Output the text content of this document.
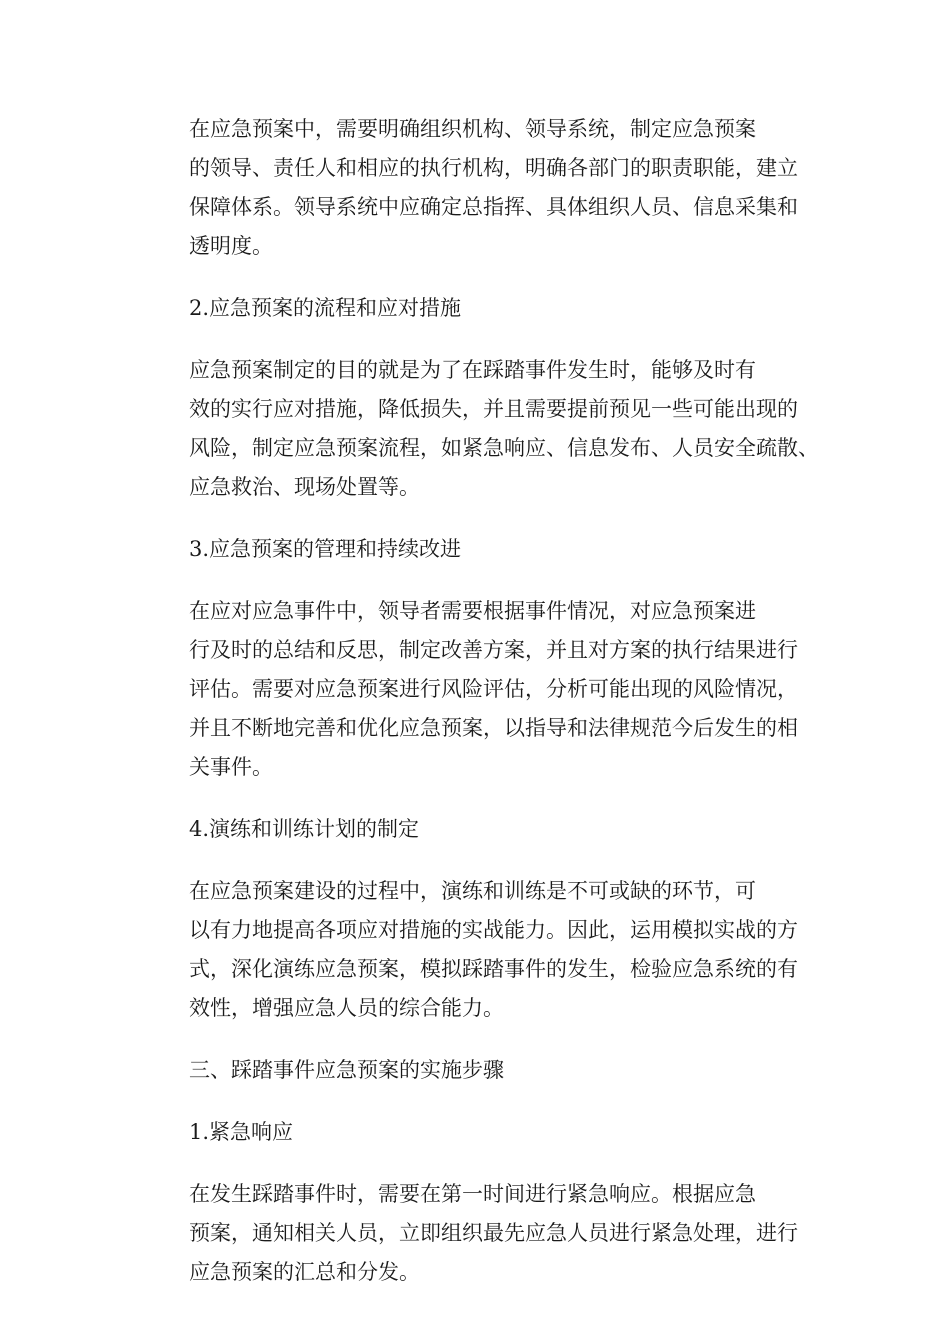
在应急预案中，需要明确组织机构、领导系统，制定应急预案
的领导、责任人和相应的执行机构，明确各部门的职责职能，建立
保障体系。领导系统中应确定总指挥、具体组织人员、信息采集和
透明度。

2.应急预案的流程和应对措施

应急预案制定的目的就是为了在踩踏事件发生时，能够及时有
效的实行应对措施，降低损失，并且需要提前预见一些可能出现的
风险，制定应急预案流程，如紧急响应、信息发布、人员安全疏散、
应急救治、现场处置等。

3.应急预案的管理和持续改进

在应对应急事件中，领导者需要根据事件情况，对应急预案进
行及时的总结和反思，制定改善方案，并且对方案的执行结果进行
评估。需要对应急预案进行风险评估，分析可能出现的风险情况，
并且不断地完善和优化应急预案，以指导和法律规范今后发生的相
关事件。

4.演练和训练计划的制定

在应急预案建设的过程中，演练和训练是不可或缺的环节，可
以有力地提高各项应对措施的实战能力。因此，运用模拟实战的方
式，深化演练应急预案，模拟踩踏事件的发生，检验应急系统的有
效性，增强应急人员的综合能力。

三、踩踏事件应急预案的实施步骤

1.紧急响应

在发生踩踏事件时，需要在第一时间进行紧急响应。根据应急
预案，通知相关人员，立即组织最先应急人员进行紧急处理，进行
应急预案的汇总和分发。
